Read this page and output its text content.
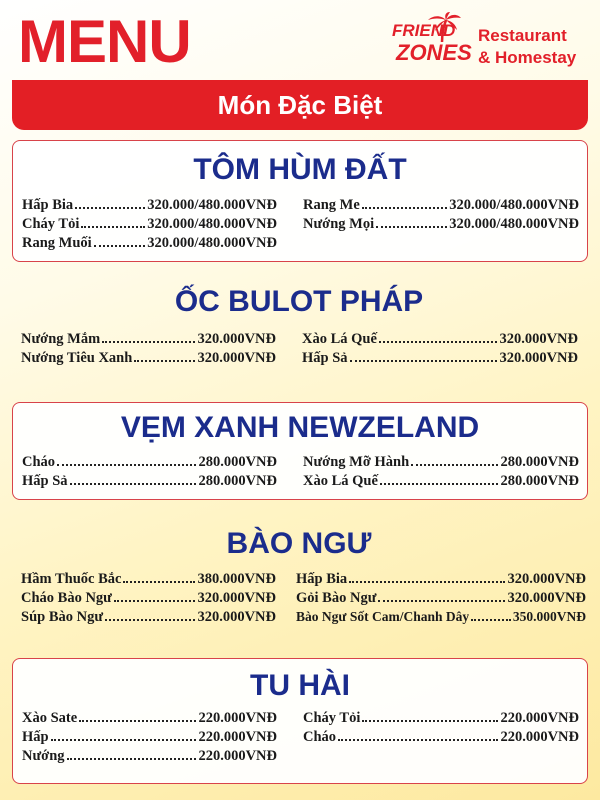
MENU	FRIEND
ZONES
Restaurant
& Homestay
Món Đặc Biệt
TÔM HÙM ĐẤT
Hấp Bia	320.000/480.000VNĐ
Cháy Tỏi	320.000/480.000VNĐ
Rang Muối	320.000/480.000VNĐ
Rang Me	320.000/480.000VNĐ
Nướng Mọi	320.000/480.000VNĐ
ỐC BULOT PHÁP
Nướng Mắm	320.000VNĐ
Nướng Tiêu Xanh	320.000VNĐ
Xào Lá Quế	320.000VNĐ
Hấp Sả	320.000VNĐ
VẸM XANH NEWZELAND
Cháo	280.000VNĐ
Hấp Sả	280.000VNĐ
Nướng Mỡ Hành	280.000VNĐ
Xào Lá Quế	280.000VNĐ
BÀO NGƯ
Hầm Thuốc Bắc	380.000VNĐ
Cháo Bào Ngư	320.000VNĐ
Súp Bào Ngư	320.000VNĐ
Hấp Bia	320.000VNĐ
Gỏi Bào Ngư	320.000VNĐ
Bào Ngư Sốt Cam/Chanh Dây	350.000VNĐ
TU HÀI
Xào Sate	220.000VNĐ
Hấp	220.000VNĐ
Nướng	220.000VNĐ
Cháy Tỏi	220.000VNĐ
Cháo	220.000VNĐ
